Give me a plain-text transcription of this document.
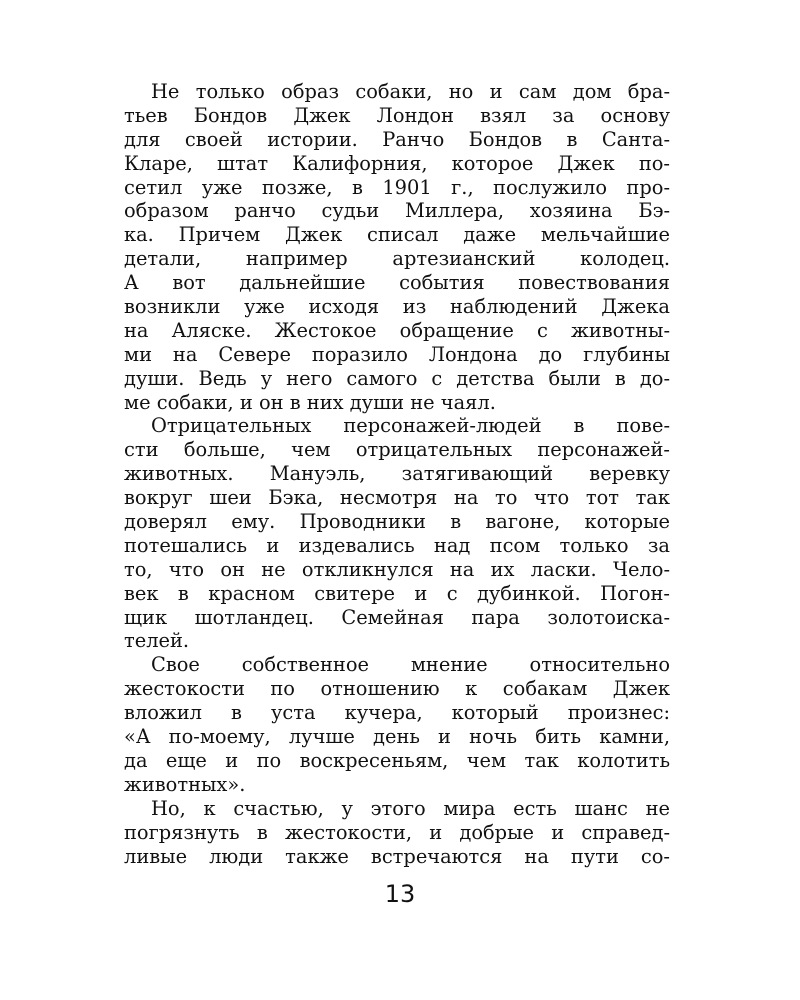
Не только образ собаки, но и сам дом бра-
тьев Бондов Джек Лондон взял за основу
для своей истории. Ранчо Бондов в Санта-
Кларе, штат Калифорния, которое Джек по-
сетил уже позже, в 1901 г., послужило про-
образом ранчо судьи Миллера, хозяина Бэ-
ка. Причем Джек списал даже мельчайшие
детали, например артезианский колодец.
А вот дальнейшие события повествования
возникли уже исходя из наблюдений Джека
на Аляске. Жестокое обращение с животны-
ми на Севере поразило Лондона до глубины
души. Ведь у него самого с детства были в до-
ме собаки, и он в них души не чаял.
Отрицательных персонажей-людей в пове-
сти больше, чем отрицательных персонажей-
животных. Мануэль, затягивающий веревку
вокруг шеи Бэка, несмотря на то что тот так
доверял ему. Проводники в вагоне, которые
потешались и издевались над псом только за
то, что он не откликнулся на их ласки. Чело-
век в красном свитере и с дубинкой. Погон-
щик шотландец. Семейная пара золотоиска-
телей.
Свое собственное мнение относительно
жестокости по отношению к собакам Джек
вложил в уста кучера, который произнес:
«А по-моему, лучше день и ночь бить камни,
да еще и по воскресеньям, чем так колотить
животных».
Но, к счастью, у этого мира есть шанс не
погрязнуть в жестокости, и добрые и справед-
ливые люди также встречаются на пути со-
13
